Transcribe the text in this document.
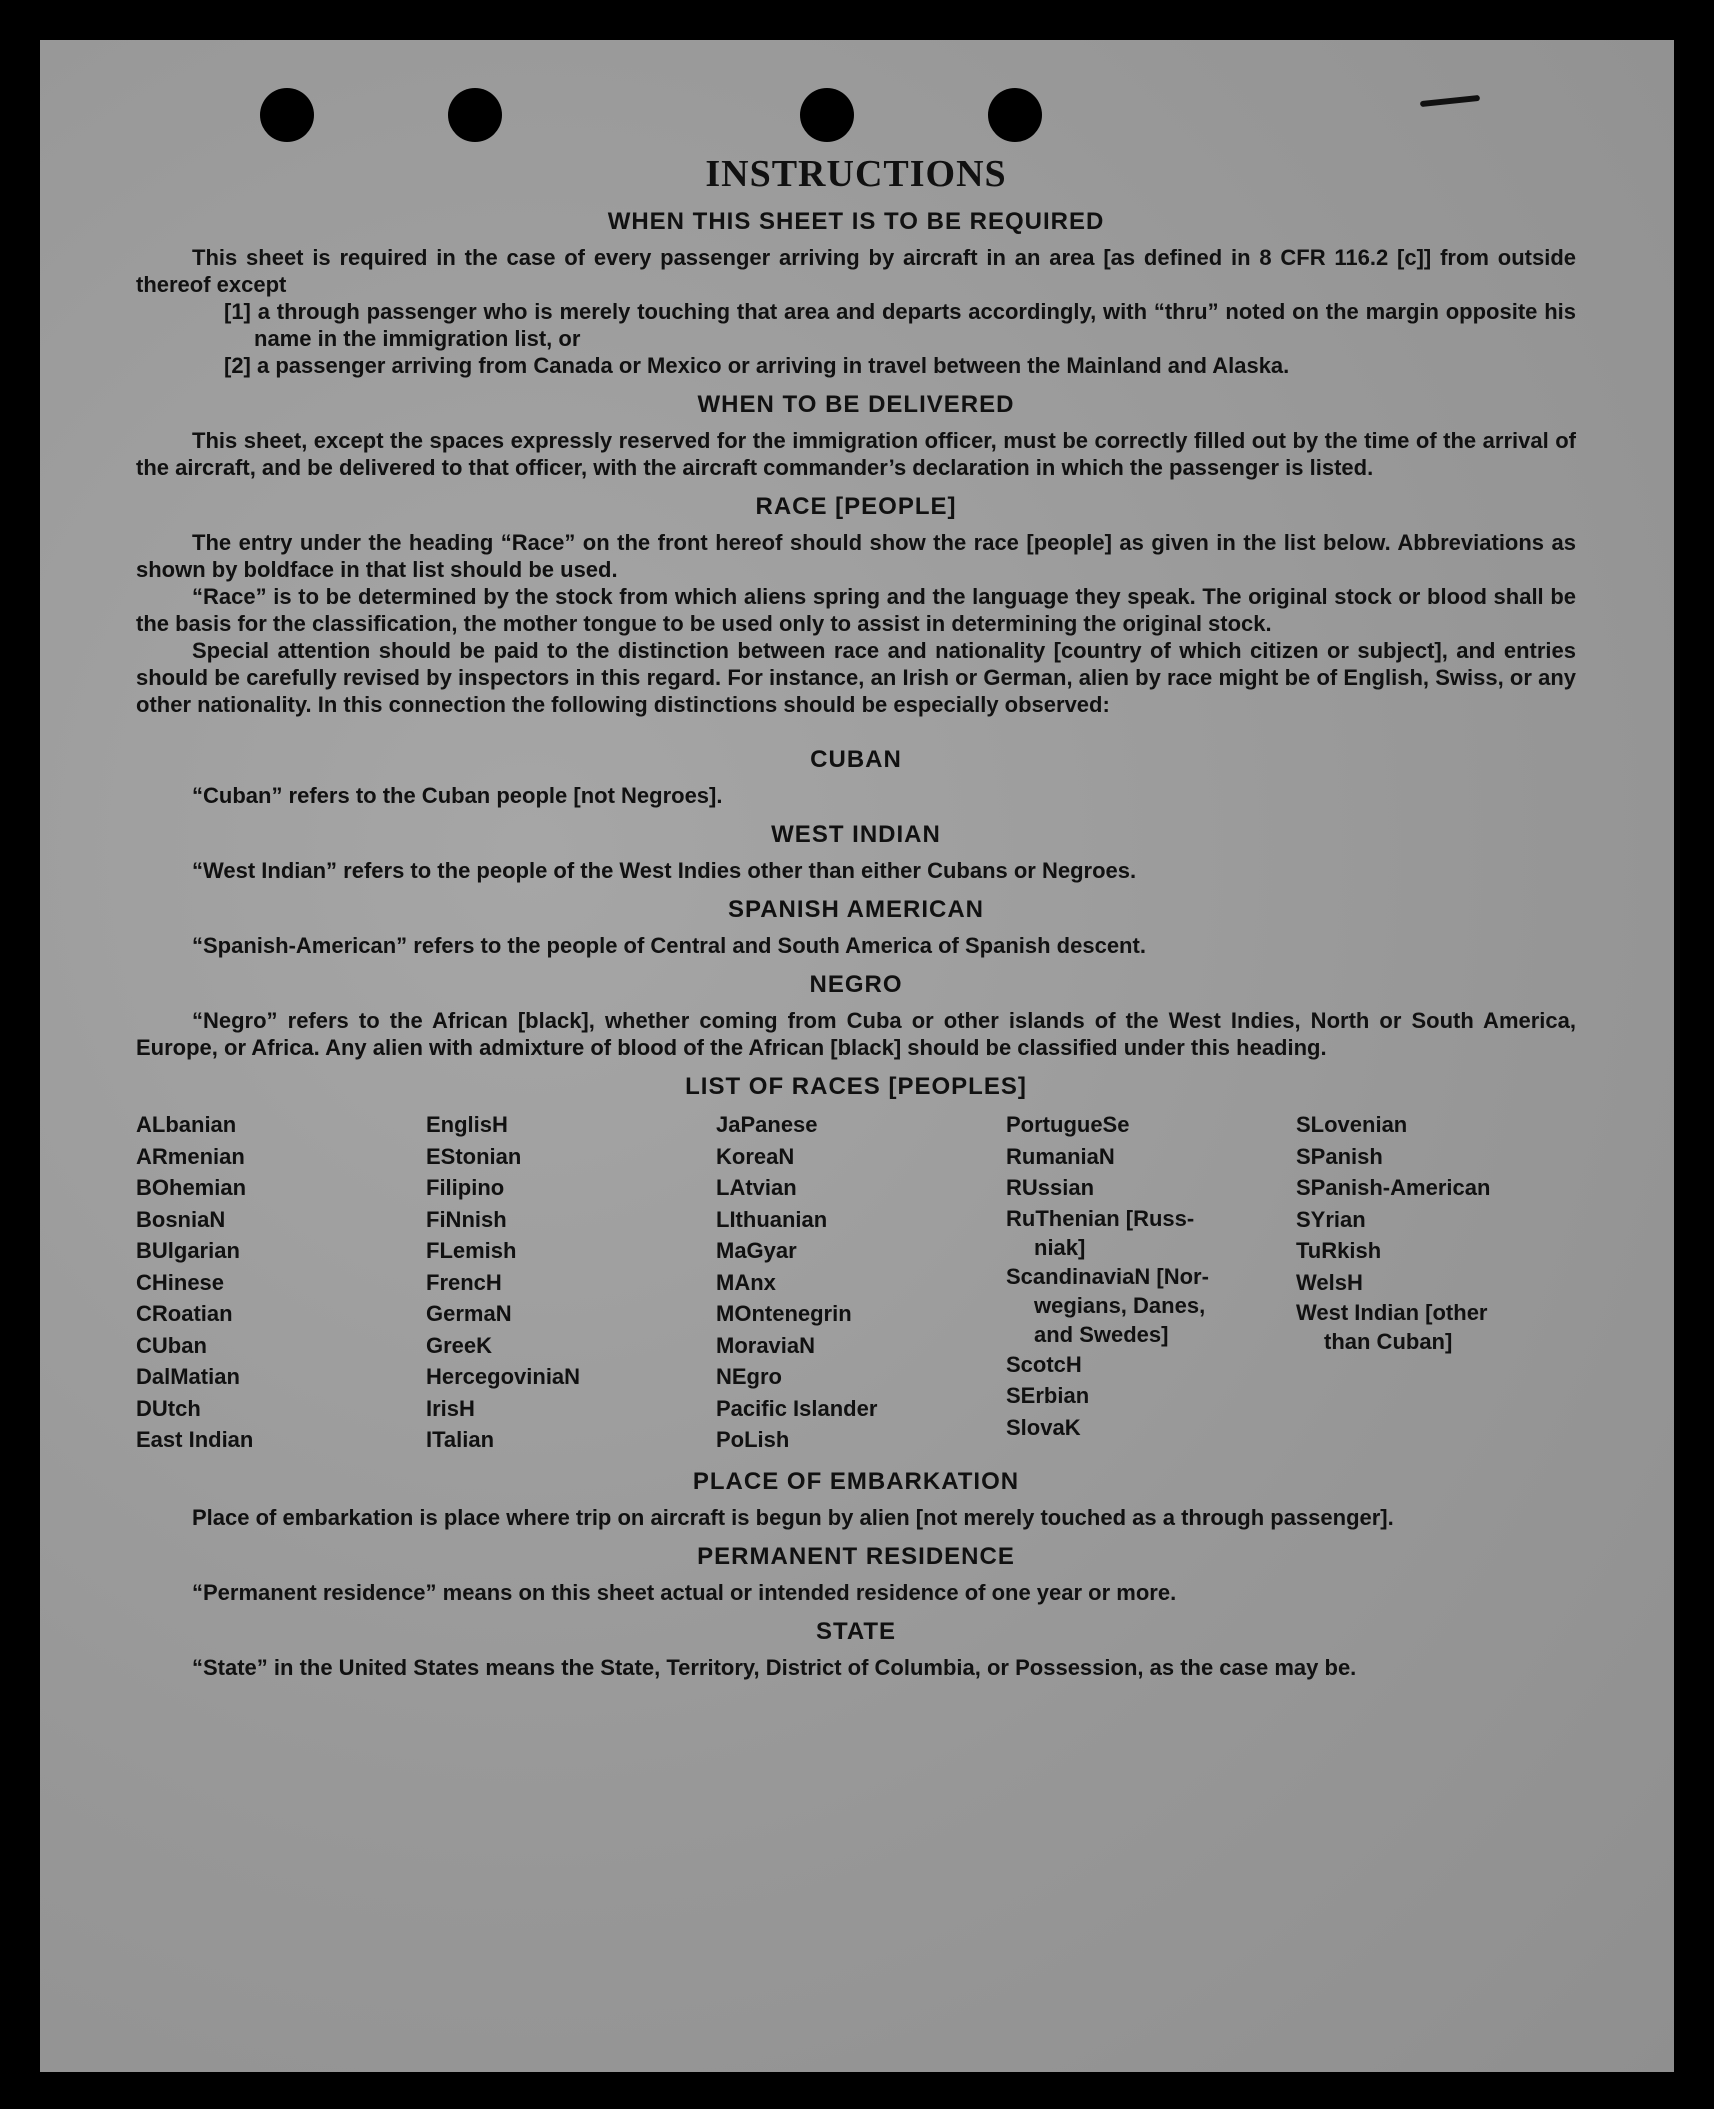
INSTRUCTIONS
WHEN THIS SHEET IS TO BE REQUIRED

This sheet is required in the case of every passenger arriving by aircraft in an area [as defined in 8 CFR 116.2 [c]] from outside thereof except

[1] a through passenger who is merely touching that area and departs accordingly, with “thru” noted on the margin opposite his name in the immigration list, or

[2] a passenger arriving from Canada or Mexico or arriving in travel between the Mainland and Alaska.

WHEN TO BE DELIVERED

This sheet, except the spaces expressly reserved for the immigration officer, must be correctly filled out by the time of the arrival of the aircraft, and be delivered to that officer, with the aircraft commander’s declaration in which the passenger is listed.

RACE [PEOPLE]

The entry under the heading “Race” on the front hereof should show the race [people] as given in the list below. Abbreviations as shown by boldface in that list should be used.

“Race” is to be determined by the stock from which aliens spring and the language they speak. The original stock or blood shall be the basis for the classification, the mother tongue to be used only to assist in determining the original stock.

Special attention should be paid to the distinction between race and nationality [country of which citizen or subject], and entries should be carefully revised by inspectors in this regard. For instance, an Irish or German, alien by race might be of English, Swiss, or any other nationality. In this connection the following distinctions should be especially observed:

CUBAN

“Cuban” refers to the Cuban people [not Negroes].

WEST INDIAN

“West Indian” refers to the people of the West Indies other than either Cubans or Negroes.

SPANISH AMERICAN

“Spanish-American” refers to the people of Central and South America of Spanish descent.

NEGRO

“Negro” refers to the African [black], whether coming from Cuba or other islands of the West Indies, North or South America, Europe, or Africa. Any alien with admixture of blood of the African [black] should be classified under this heading.

LIST OF RACES [PEOPLES]
ALbanian
ARmenian
BOhemian
BosniaN
BUlgarian
CHinese
CRoatian
CUban
DalMatian
DUtch
East Indian
EnglisH
EStonian
Filipino
FiNnish
FLemish
FrencH
GermaN
GreeK
HercegoviniaN
IrisH
ITalian
JaPanese
KoreaN
LAtvian
LIthuanian
MaGyar
MAnx
MOntenegrin
MoraviaN
NEgro
Pacific Islander
PoLish
PortugueSe
RumaniaN
RUssian
RuThenian [Russ-
niak]
ScandinaviaN [Nor-
wegians, Danes,
and Swedes]
ScotcH
SErbian
SlovaK
SLovenian
SPanish
SPanish-American
SYrian
TuRkish
WelsH
West Indian [other
than Cuban]
PLACE OF EMBARKATION

Place of embarkation is place where trip on aircraft is begun by alien [not merely touched as a through passenger].

PERMANENT RESIDENCE

“Permanent residence” means on this sheet actual or intended residence of one year or more.

STATE

“State” in the United States means the State, Territory, District of Columbia, or Possession, as the case may be.
